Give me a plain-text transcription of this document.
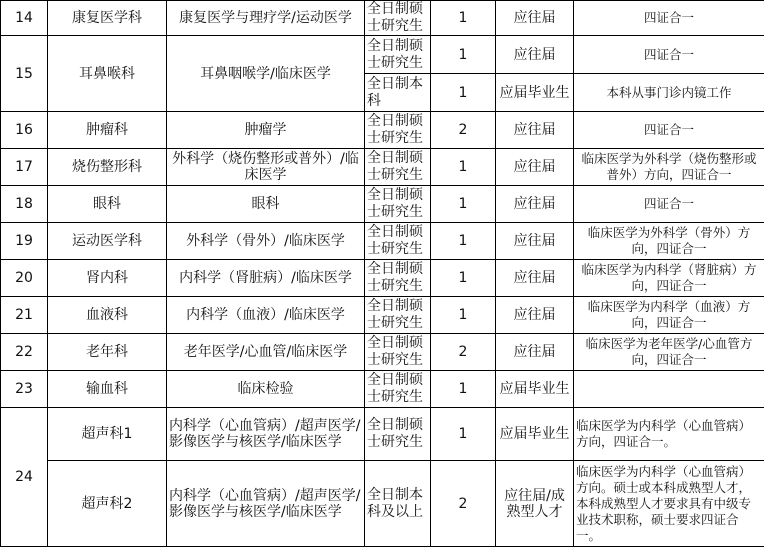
14	康复医学科	康复医学与理疗学/运动医学	全日制硕士研究生	1	应往届	四证合一
15	耳鼻喉科	耳鼻咽喉学/临床医学	全日制硕士研究生	1	应往届	四证合一
			全日制本科	1	应届毕业生	本科从事门诊内镜工作
16	肿瘤科	肿瘤学	全日制硕士研究生	2	应往届	四证合一
17	烧伤整形科	外科学（烧伤整形或普外）/临床医学	全日制硕士研究生	1	应往届	临床医学为外科学（烧伤整形或普外）方向，四证合一
18	眼科	眼科	全日制硕士研究生	1	应往届	四证合一
19	运动医学科	外科学（骨外）/临床医学	全日制硕士研究生	1	应往届	临床医学为外科学（骨外）方向，四证合一
20	肾内科	内科学（肾脏病）/临床医学	全日制硕士研究生	1	应往届	临床医学为内科学（肾脏病）方向，四证合一
21	血液科	内科学（血液）/临床医学	全日制硕士研究生	1	应往届	临床医学为内科学（血液）方向，四证合一
22	老年科	老年医学/心血管/临床医学	全日制硕士研究生	2	应往届	临床医学为老年医学/心血管方向，四证合一
23	输血科	临床检验	全日制硕士研究生	1	应届毕业生	
24	超声科1	内科学（心血管病）/超声医学/影像医学与核医学/临床医学	全日制硕士研究生	1	应届毕业生	临床医学为内科学（心血管病）方向，四证合一。
	超声科2	内科学（心血管病）/超声医学/影像医学与核医学/临床医学	全日制本科及以上	2	应往届/成熟型人才	临床医学为内科学（心血管病）方向。硕士或本科成熟型人才，本科成熟型人才要求具有中级专业技术职称，硕士要求四证合一。
